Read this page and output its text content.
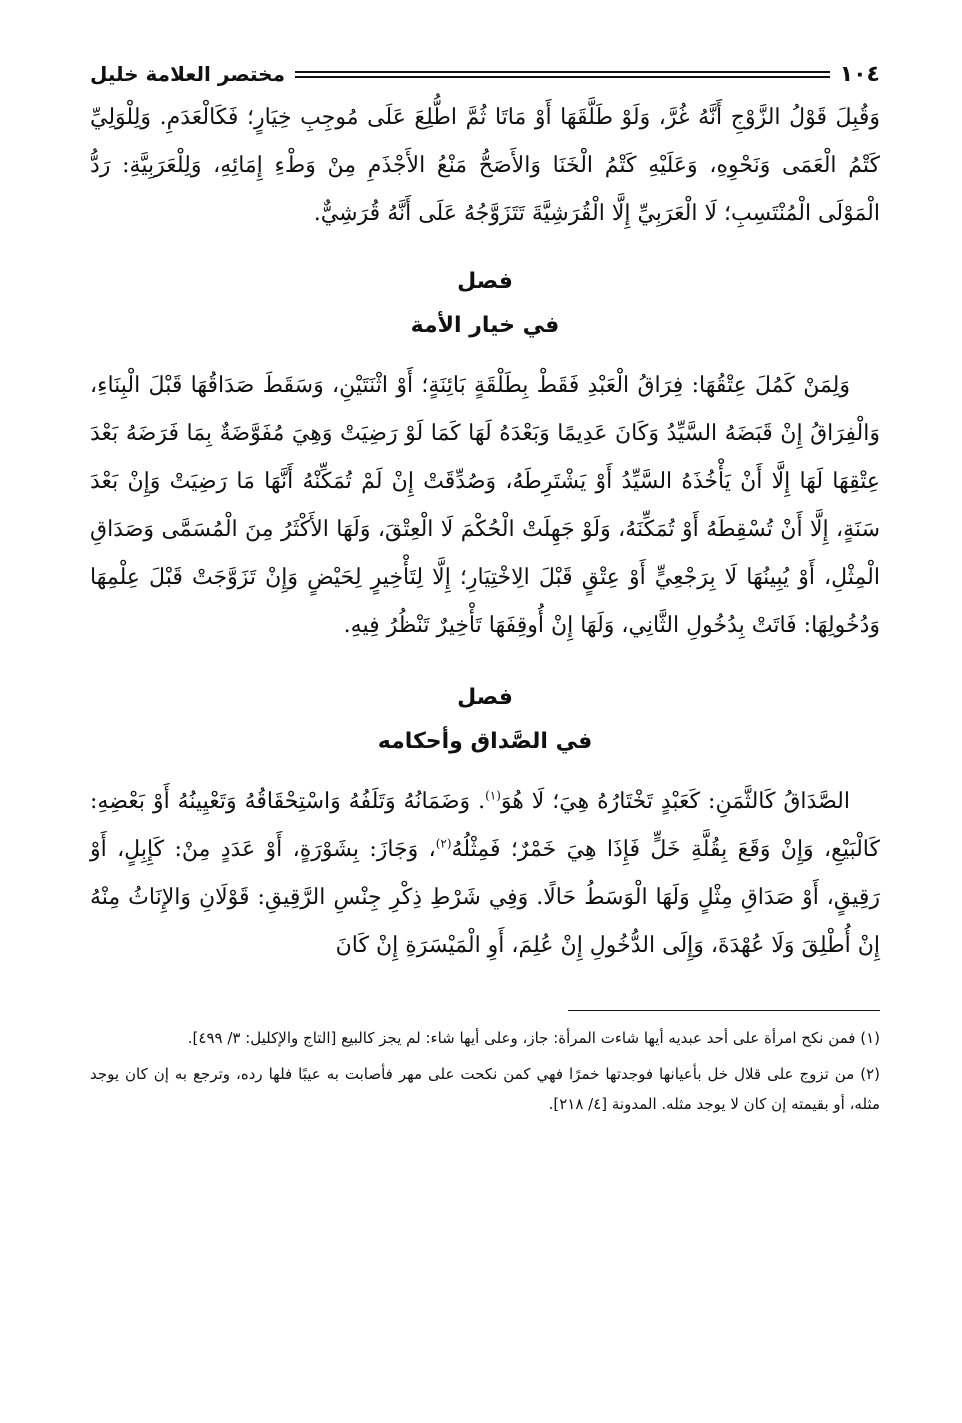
١٠٤
مختصر العلامة خليل

وَقُبِلَ قَوْلُ الزَّوْجِ أَنَّهُ غُرَّ، وَلَوْ طَلَّقَهَا أَوْ مَاتَا ثُمَّ اطُّلِعَ عَلَى مُوجِبِ خِيَارٍ؛ فَكَالْعَدَمِ. وَلِلْوَلِيِّ كَتْمُ الْعَمَى وَنَحْوِهِ، وَعَلَيْهِ كَتْمُ الْخَنَا وَالأَصَحُّ مَنْعُ الأَجْذَمِ مِنْ وَطْءِ إِمَائِهِ، وَلِلْعَرَبِيَّةِ: رَدُّ الْمَوْلَى الْمُنْتَسِبِ؛ لَا الْعَرَبِيِّ إِلَّا الْقُرَشِيَّةَ تَتَزَوَّجُهُ عَلَى أَنَّهُ قُرَشِيٌّ.

فصل
في خيار الأمة

وَلِمَنْ كَمُلَ عِتْقُهَا: فِرَاقُ الْعَبْدِ فَقَطْ بِطَلْقَةٍ بَائِنَةٍ؛ أَوْ اثْنَتَيْنِ، وَسَقَطَ صَدَاقُهَا قَبْلَ الْبِنَاءِ، وَالْفِرَاقُ إِنْ قَبَضَهُ السَّيِّدُ وَكَانَ عَدِيمًا وَبَعْدَهُ لَهَا كَمَا لَوْ رَضِيَتْ وَهِيَ مُفَوَّضَةٌ بِمَا فَرَضَهُ بَعْدَ عِتْقِهَا لَهَا إِلَّا أَنْ يَأْخُذَهُ السَّيِّدُ أَوْ يَشْتَرِطَهُ، وَصُدِّقَتْ إِنْ لَمْ تُمَكِّنْهُ أَنَّهَا مَا رَضِيَتْ وَإِنْ بَعْدَ سَنَةٍ، إِلَّا أَنْ تُسْقِطَهُ أَوْ تُمَكِّنَهُ، وَلَوْ جَهِلَتْ الْحُكْمَ لَا الْعِتْقَ، وَلَهَا الأَكْثَرُ مِنَ الْمُسَمَّى وَصَدَاقِ الْمِثْلِ، أَوْ يُبِينُهَا لَا بِرَجْعِيٍّ أَوْ عِتْقٍ قَبْلَ الِاخْتِيَارِ؛ إِلَّا لِتَأْخِيرٍ لِحَيْضٍ وَإِنْ تَزَوَّجَتْ قَبْلَ عِلْمِهَا وَدُخُولِهَا: فَاتَتْ بِدُخُولِ الثَّانِي، وَلَهَا إِنْ أُوقِفَهَا تَأْخِيرٌ تَنْظُرُ فِيهِ.

فصل
في الصَّداق وأحكامه

الصَّدَاقُ كَالثَّمَنِ: كَعَبْدٍ تَخْتَارُهُ هِيَ؛ لَا هُوَ$^{(١)}$. وَضَمَانُهُ وَتَلَفُهُ وَاسْتِحْقَاقُهُ وَتَعْيِينُهُ أَوْ بَعْضِهِ: كَالْبَيْعِ، وَإِنْ وَقَعَ بِقُلَّةِ خَلٍّ فَإِذَا هِيَ خَمْرٌ؛ فَمِثْلُهُ$^{(٢)}$، وَجَازَ: بِشَوْرَةٍ، أَوْ عَدَدٍ مِنْ: كَإِبِلٍ، أَوْ رَقِيقٍ، أَوْ صَدَاقِ مِثْلٍ وَلَهَا الْوَسَطُ حَالًا. وَفِي شَرْطِ ذِكْرِ جِنْسِ الرَّقِيقِ: قَوْلَانِ وَالإِنَاثُ مِنْهُ إِنْ أُطْلِقَ وَلَا عُهْدَةَ، وَإِلَى الدُّخُولِ إِنْ عُلِمَ، أَوِ الْمَيْسَرَةِ إِنْ كَانَ

(١) فمن نكح امرأة على أحد عبديه أيها شاءت المرأة: جاز، وعلى أيها شاء: لم يجز كالبيع [التاج والإكليل: ٣/ ٤٩٩].

(٢) من تزوج على قلال خل بأعيانها فوجدتها خمرًا فهي كمن نكحت على مهر فأصابت به عيبًا فلها رده، وترجع به إن كان يوجد مثله، أو بقيمته إن كان لا يوجد مثله. المدونة [٤/ ٢١٨].
